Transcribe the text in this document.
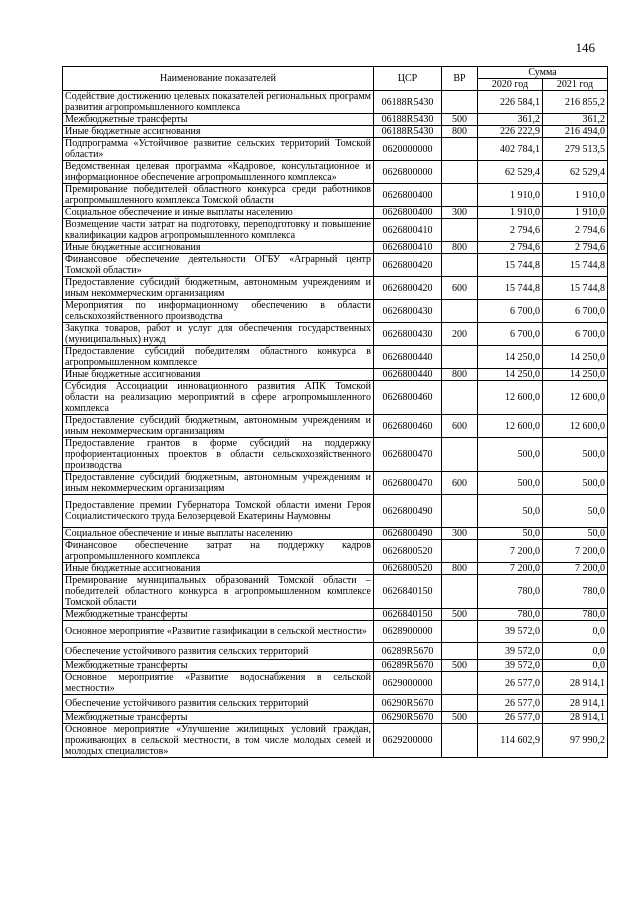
146
Наименование показателей	ЦСР	ВР	Сумма	
			2020 год	2021 год
Содействие достижению целевых показателей региональных программ развития агропромышленного комплекса	06188R5430		226 584,1	216 855,2
Межбюджетные трансферты	06188R5430	500	361,2	361,2
Иные бюджетные ассигнования	06188R5430	800	226 222,9	216 494,0
Подпрограмма «Устойчивое развитие сельских территорий Томской области»	0620000000		402 784,1	279 513,5
Ведомственная целевая программа «Кадровое, консультационное и информационное обеспечение агропромышленного комплекса»	0626800000		62 529,4	62 529,4
Премирование победителей областного конкурса среди работников агропромышленного комплекса Томской области	0626800400		1 910,0	1 910,0
Социальное обеспечение и иные выплаты населению	0626800400	300	1 910,0	1 910,0
Возмещение части затрат на подготовку, переподготовку и повышение квалификации кадров агропромышленного комплекса	0626800410		2 794,6	2 794,6
Иные бюджетные ассигнования	0626800410	800	2 794,6	2 794,6
Финансовое обеспечение деятельности ОГБУ «Аграрный центр Томской области»	0626800420		15 744,8	15 744,8
Предоставление субсидий бюджетным, автономным учреждениям и иным некоммерческим организациям	0626800420	600	15 744,8	15 744,8
Мероприятия по информационному обеспечению в области сельскохозяйственного производства	0626800430		6 700,0	6 700,0
Закупка товаров, работ и услуг для обеспечения государственных (муниципальных) нужд	0626800430	200	6 700,0	6 700,0
Предоставление субсидий победителям областного конкурса в агропромышленном комплексе	0626800440		14 250,0	14 250,0
Иные бюджетные ассигнования	0626800440	800	14 250,0	14 250,0
Субсидия Ассоциации инновационного развития АПК Томской области на реализацию мероприятий в сфере агропромышленного комплекса	0626800460		12 600,0	12 600,0
Предоставление субсидий бюджетным, автономным учреждениям и иным некоммерческим организациям	0626800460	600	12 600,0	12 600,0
Предоставление грантов в форме субсидий на поддержку профориентационных проектов в области сельскохозяйственного производства	0626800470		500,0	500,0
Предоставление субсидий бюджетным, автономным учреждениям и иным некоммерческим организациям	0626800470	600	500,0	500,0
Предоставление премии Губернатора Томской области имени Героя Социалистического труда Белозерцевой Екатерины Наумовны	0626800490		50,0	50,0
Социальное обеспечение и иные выплаты населению	0626800490	300	50,0	50,0
Финансовое обеспечение затрат на поддержку кадров агропромышленного комплекса	0626800520		7 200,0	7 200,0
Иные бюджетные ассигнования	0626800520	800	7 200,0	7 200,0
Премирование муниципальных образований Томской области – победителей областного конкурса в агропромышленном комплексе Томской области	0626840150		780,0	780,0
Межбюджетные трансферты	0626840150	500	780,0	780,0
Основное мероприятие «Развитие газификации в сельской местности»	0628900000		39 572,0	0,0
Обеспечение устойчивого развития сельских территорий	06289R5670		39 572,0	0,0
Межбюджетные трансферты	06289R5670	500	39 572,0	0,0
Основное мероприятие «Развитие водоснабжения в сельской местности»	0629000000		26 577,0	28 914,1
Обеспечение устойчивого развития сельских территорий	06290R5670		26 577,0	28 914,1
Межбюджетные трансферты	06290R5670	500	26 577,0	28 914,1
Основное мероприятие «Улучшение жилищных условий граждан, проживающих в сельской местности, в том числе молодых семей и молодых специалистов»	0629200000		114 602,9	97 990,2
